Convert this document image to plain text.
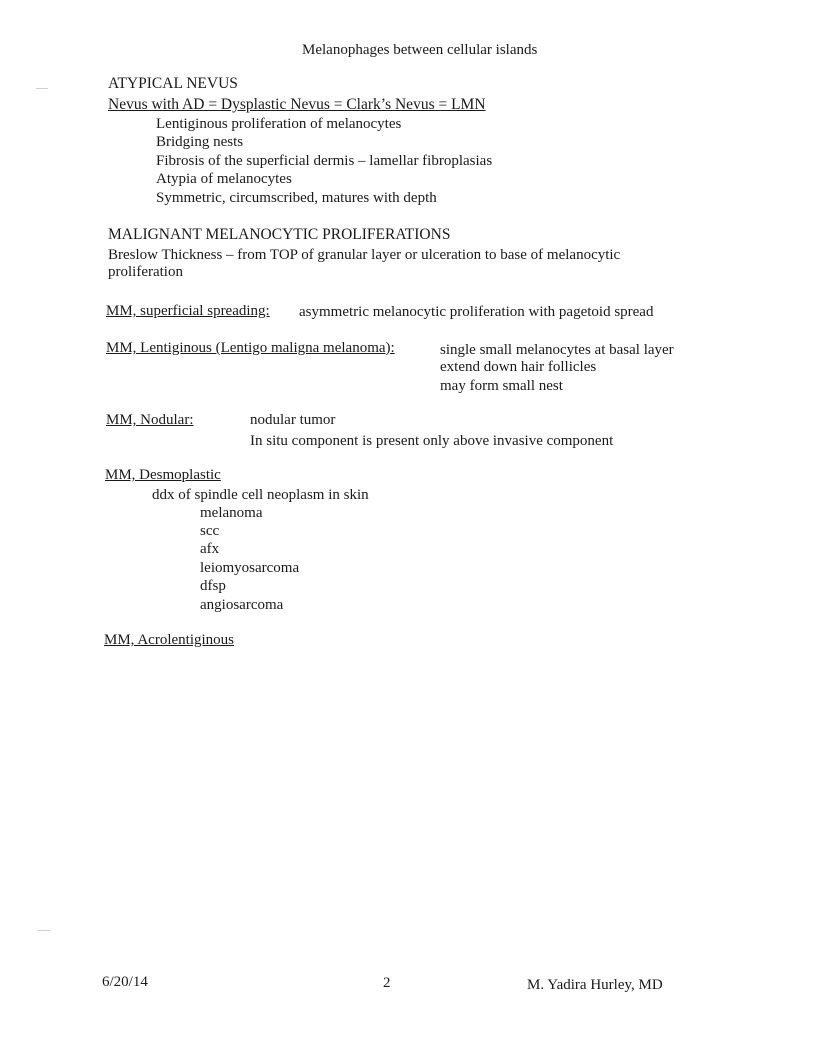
Melanophages between cellular islands
ATYPICAL NEVUS
Nevus with AD = Dysplastic Nevus = Clark’s Nevus = LMN
Lentiginous proliferation of melanocytes
Bridging nests
Fibrosis of the superficial dermis – lamellar fibroplasias
Atypia of melanocytes
Symmetric, circumscribed, matures with depth
MALIGNANT MELANOCYTIC PROLIFERATIONS
Breslow Thickness – from TOP of granular layer or ulceration to base of melanocytic
proliferation
MM, superficial spreading: asymmetric melanocytic proliferation with pagetoid spread
MM, Lentiginous (Lentigo maligna melanoma):	single small melanocytes at basal layer
extend down hair follicles
may form small nest
MM, Nodular:	nodular tumor
In situ component is present only above invasive component
MM, Desmoplastic
ddx of spindle cell neoplasm in skin
melanoma
scc
afx
leiomyosarcoma
dfsp
angiosarcoma
MM, Acrolentiginous
6/20/14	2	M. Yadira Hurley, MD
